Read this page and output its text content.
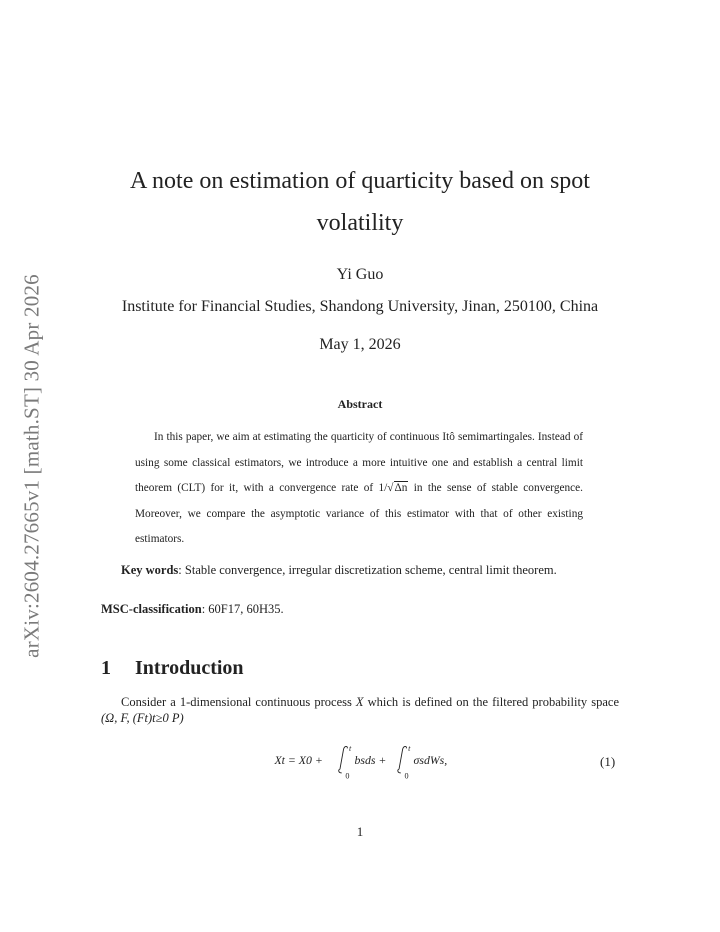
arXiv:2604.27665v1 [math.ST] 30 Apr 2026
A note on estimation of quarticity based on spot volatility
Yi Guo
Institute for Financial Studies, Shandong University, Jinan, 250100, China
May 1, 2026
Abstract
In this paper, we aim at estimating the quarticity of continuous Itô semimartingales. Instead of using some classical estimators, we introduce a more intuitive one and establish a central limit theorem (CLT) for it, with a convergence rate of 1/√Δn in the sense of stable convergence. Moreover, we compare the asymptotic variance of this estimator with that of other existing estimators.
Key words: Stable convergence, irregular discretization scheme, central limit theorem.
MSC-classification: 60F17, 60H35.
1 Introduction
Consider a 1-dimensional continuous process X which is defined on the filtered probability space (Ω, F, (Ft)t≥0 P)
Xt = X0 +
t
0
bsds +
t
0
σsdWs,	(1)
1
